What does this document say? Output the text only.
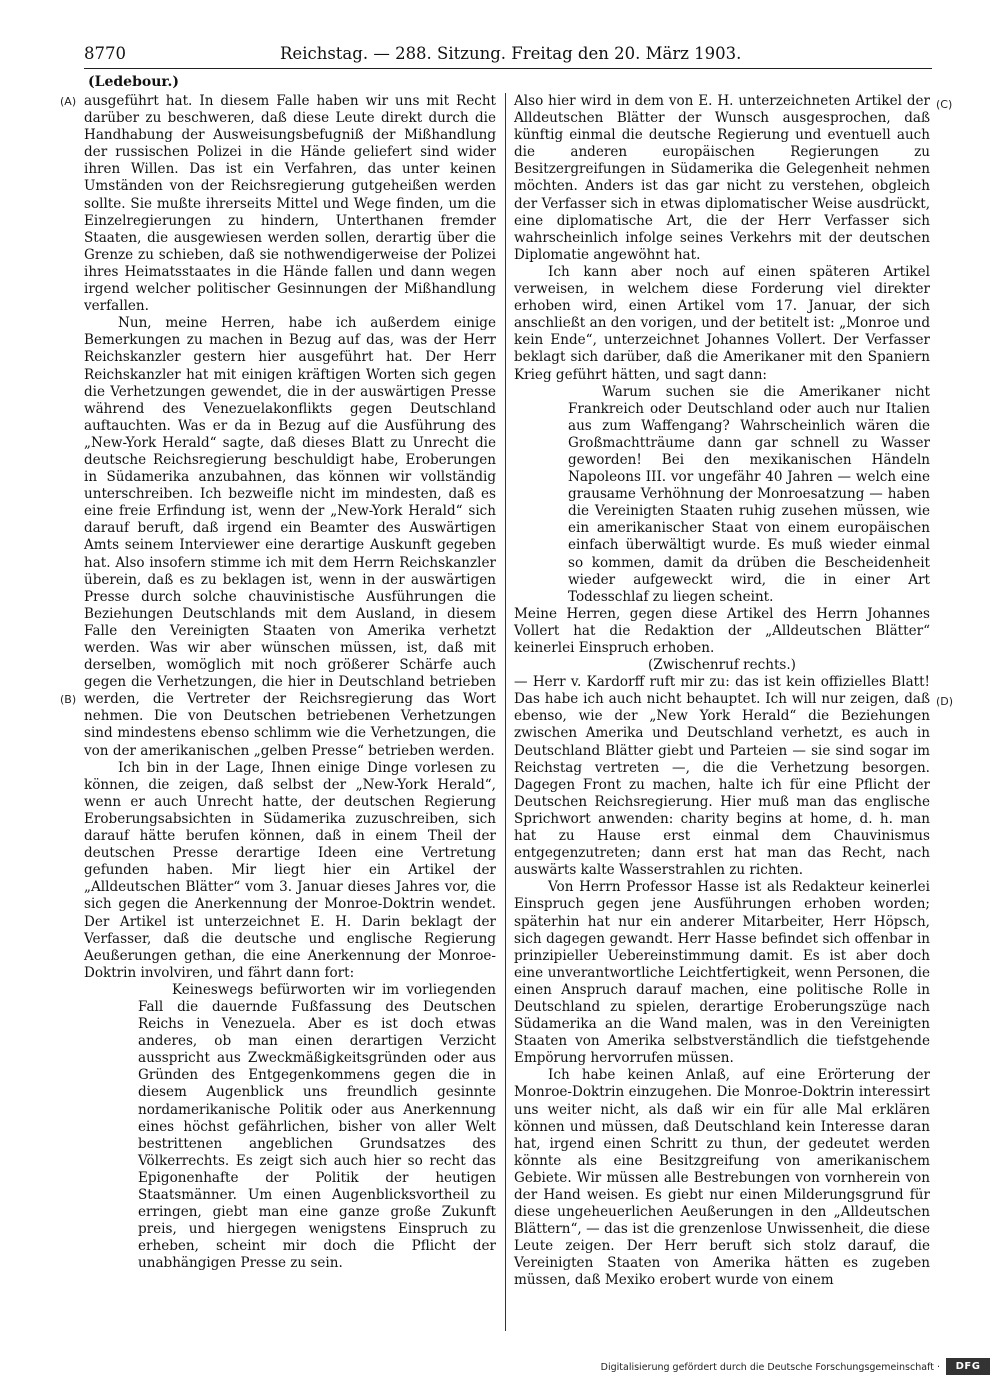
8770	Reichstag. — 288. Sitzung. Freitag den 20. März 1903.
(Ledebour.)
(A)
(B)
(C)
(D)

ausgeführt hat. In diesem Falle haben wir uns mit Recht darüber zu beschweren, daß diese Leute direkt durch die Handhabung der Ausweisungsbefugniß der Mißhandlung der russischen Polizei in die Hände geliefert sind wider ihren Willen. Das ist ein Verfahren, das unter keinen Umständen von der Reichsregierung gutgeheißen werden sollte. Sie mußte ihrerseits Mittel und Wege finden, um die Einzelregierungen zu hindern, Unterthanen fremder Staaten, die ausgewiesen werden sollen, derartig über die Grenze zu schieben, daß sie nothwendigerweise der Polizei ihres Heimatsstaates in die Hände fallen und dann wegen irgend welcher politischer Gesinnungen der Mißhandlung verfallen.

Nun, meine Herren, habe ich außerdem einige Bemerkungen zu machen in Bezug auf das, was der Herr Reichskanzler gestern hier ausgeführt hat. Der Herr Reichskanzler hat mit einigen kräftigen Worten sich gegen die Verhetzungen gewendet, die in der auswärtigen Presse während des Venezuelakonflikts gegen Deutschland auftauchten. Was er da in Bezug auf die Ausführung des „New-York Herald“ sagte, daß dieses Blatt zu Unrecht die deutsche Reichsregierung beschuldigt habe, Eroberungen in Südamerika anzubahnen, das können wir vollständig unterschreiben. Ich bezweifle nicht im mindesten, daß es eine freie Erfindung ist, wenn der „New-York Herald“ sich darauf beruft, daß irgend ein Beamter des Auswärtigen Amts seinem Interviewer eine derartige Auskunft gegeben hat. Also insofern stimme ich mit dem Herrn Reichskanzler überein, daß es zu beklagen ist, wenn in der auswärtigen Presse durch solche chauvinistische Ausführungen die Beziehungen Deutschlands mit dem Ausland, in diesem Falle den Vereinigten Staaten von Amerika verhetzt werden. Was wir aber wünschen müssen, ist, daß mit derselben, womöglich mit noch größerer Schärfe auch gegen die Verhetzungen, die hier in Deutschland betrieben werden, die Vertreter der Reichsregierung das Wort nehmen. Die von Deutschen betriebenen Verhetzungen sind mindestens ebenso schlimm wie die Verhetzungen, die von der amerikanischen „gelben Presse“ betrieben werden.

Ich bin in der Lage, Ihnen einige Dinge vorlesen zu können, die zeigen, daß selbst der „New-York Herald“, wenn er auch Unrecht hatte, der deutschen Regierung Eroberungsabsichten in Südamerika zuzuschreiben, sich darauf hätte berufen können, daß in einem Theil der deutschen Presse derartige Ideen eine Vertretung gefunden haben. Mir liegt hier ein Artikel der „Alldeutschen Blätter“ vom 3. Januar dieses Jahres vor, die sich gegen die Anerkennung der Monroe-Doktrin wendet. Der Artikel ist unterzeichnet E. H. Darin beklagt der Verfasser, daß die deutsche und englische Regierung Aeußerungen gethan, die eine Anerkennung der Monroe-Doktrin involviren, und fährt dann fort:

Keineswegs befürworten wir im vorliegenden Fall die dauernde Fußfassung des Deutschen Reichs in Venezuela. Aber es ist doch etwas anderes, ob man einen derartigen Verzicht ausspricht aus Zweckmäßigkeitsgründen oder aus Gründen des Entgegenkommens gegen die in diesem Augenblick uns freundlich gesinnte nordamerikanische Politik oder aus Anerkennung eines höchst gefährlichen, bisher von aller Welt bestrittenen angeblichen Grundsatzes des Völkerrechts. Es zeigt sich auch hier so recht das Epigonenhafte der Politik der heutigen Staatsmänner. Um einen Augenblicksvortheil zu erringen, giebt man eine ganze große Zukunft preis, und hiergegen wenigstens Einspruch zu erheben, scheint mir doch die Pflicht der unabhängigen Presse zu sein.

Also hier wird in dem von E. H. unterzeichneten Artikel der Alldeutschen Blätter der Wunsch ausgesprochen, daß künftig einmal die deutsche Regierung und eventuell auch die anderen europäischen Regierungen zu Besitzergreifungen in Südamerika die Gelegenheit nehmen möchten. Anders ist das gar nicht zu verstehen, obgleich der Verfasser sich in etwas diplomatischer Weise ausdrückt, eine diplomatische Art, die der Herr Verfasser sich wahrscheinlich infolge seines Verkehrs mit der deutschen Diplomatie angewöhnt hat.

Ich kann aber noch auf einen späteren Artikel verweisen, in welchem diese Forderung viel direkter erhoben wird, einen Artikel vom 17. Januar, der sich anschließt an den vorigen, und der betitelt ist: „Monroe und kein Ende“, unterzeichnet Johannes Vollert. Der Verfasser beklagt sich darüber, daß die Amerikaner mit den Spaniern Krieg geführt hätten, und sagt dann:

Warum suchen sie die Amerikaner nicht Frankreich oder Deutschland oder auch nur Italien aus zum Waffengang? Wahrscheinlich wären die Großmachtträume dann gar schnell zu Wasser geworden! Bei den mexikanischen Händeln Napoleons III. vor ungefähr 40 Jahren — welch eine grausame Verhöhnung der Monroesatzung — haben die Vereinigten Staaten ruhig zusehen müssen, wie ein amerikanischer Staat von einem europäischen einfach überwältigt wurde. Es muß wieder einmal so kommen, damit da drüben die Bescheidenheit wieder aufgeweckt wird, die in einer Art Todesschlaf zu liegen scheint.

Meine Herren, gegen diese Artikel des Herrn Johannes Vollert hat die Redaktion der „Alldeutschen Blätter“ keinerlei Einspruch erhoben.

(Zwischenruf rechts.)

— Herr v. Kardorff ruft mir zu: das ist kein offizielles Blatt! Das habe ich auch nicht behauptet. Ich will nur zeigen, daß ebenso, wie der „New York Herald“ die Beziehungen zwischen Amerika und Deutschland verhetzt, es auch in Deutschland Blätter giebt und Parteien — sie sind sogar im Reichstag vertreten —, die die Verhetzung besorgen. Dagegen Front zu machen, halte ich für eine Pflicht der Deutschen Reichsregierung. Hier muß man das englische Sprichwort anwenden: charity begins at home, d. h. man hat zu Hause erst einmal dem Chauvinismus entgegenzutreten; dann erst hat man das Recht, nach auswärts kalte Wasserstrahlen zu richten.

Von Herrn Professor Hasse ist als Redakteur keinerlei Einspruch gegen jene Ausführungen erhoben worden; späterhin hat nur ein anderer Mitarbeiter, Herr Höpsch, sich dagegen gewandt. Herr Hasse befindet sich offenbar in prinzipieller Uebereinstimmung damit. Es ist aber doch eine unverantwortliche Leichtfertigkeit, wenn Personen, die einen Anspruch darauf machen, eine politische Rolle in Deutschland zu spielen, derartige Eroberungszüge nach Südamerika an die Wand malen, was in den Vereinigten Staaten von Amerika selbstverständlich die tiefstgehende Empörung hervorrufen müssen.

Ich habe keinen Anlaß, auf eine Erörterung der Monroe-Doktrin einzugehen. Die Monroe-Doktrin interessirt uns weiter nicht, als daß wir ein für alle Mal erklären können und müssen, daß Deutschland kein Interesse daran hat, irgend einen Schritt zu thun, der gedeutet werden könnte als eine Besitzgreifung von amerikanischem Gebiete. Wir müssen alle Bestrebungen von vornherein von der Hand weisen. Es giebt nur einen Milderungsgrund für diese ungeheuerlichen Aeußerungen in den „Alldeutschen Blättern“, — das ist die grenzenlose Unwissenheit, die diese Leute zeigen. Der Herr beruft sich stolz darauf, die Vereinigten Staaten von Amerika hätten es zugeben müssen, daß Mexiko erobert wurde von einem

Digitalisierung gefördert durch die Deutsche Forschungsgemeinschaft ·	DFG
